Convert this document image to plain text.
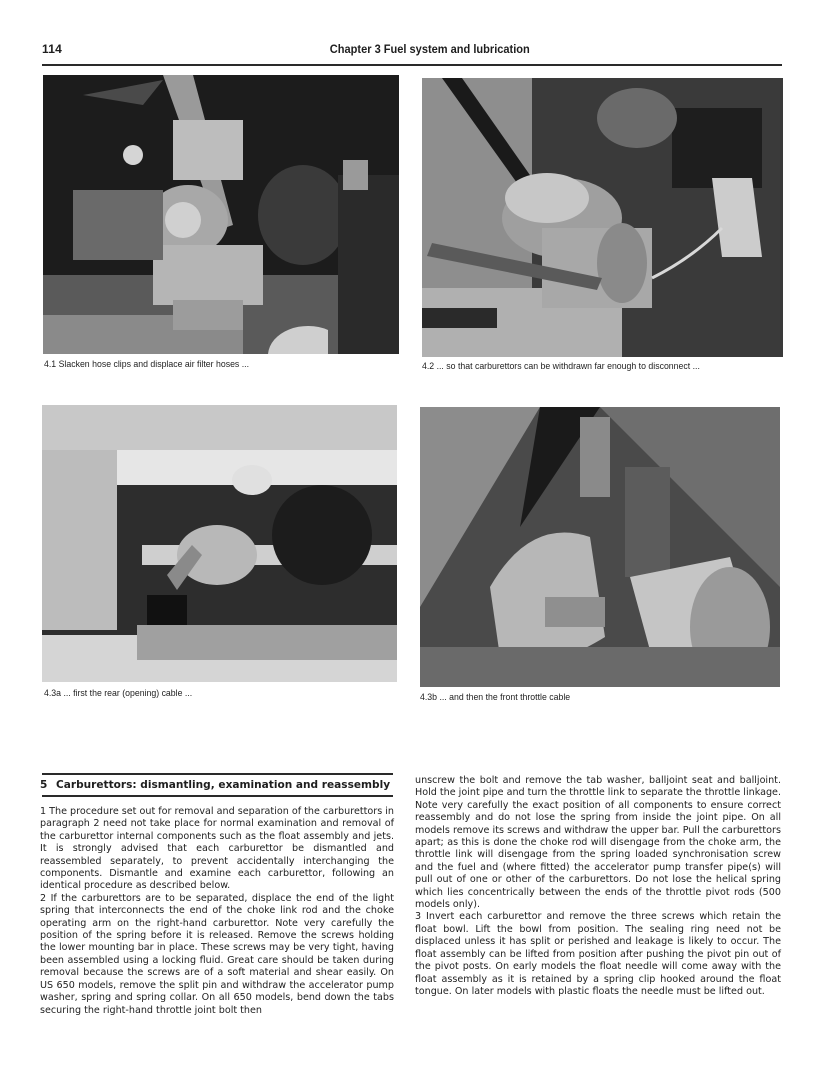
114	Chapter 3 Fuel system and lubrication
4.1 Slacken hose clips and displace air filter hoses ...	4.2 ... so that carburettors can be withdrawn far enough to disconnect ...
4.3a ... first the rear (opening) cable ...	4.3b ... and then the front throttle cable
5 Carburettors: dismantling, examination and reassembly

1 The procedure set out for removal and separation of the carburettors in paragraph 2 need not take place for normal examination and removal of the carburettor internal components such as the float assembly and jets. It is strongly advised that each carburettor be dismantled and reassembled separately, to prevent accidentally interchanging the components. Dismantle and examine each carburettor, following an identical procedure as described below.

2 If the carburettors are to be separated, displace the end of the light spring that interconnects the end of the choke link rod and the choke operating arm on the right-hand carburettor. Note very carefully the position of the spring before it is released. Remove the screws holding the lower mounting bar in place. These screws may be very tight, having been assembled using a locking fluid. Great care should be taken during removal because the screws are of a soft material and shear easily. On US 650 models, remove the split pin and withdraw the accelerator pump washer, spring and spring collar. On all 650 models, bend down the tabs securing the right-hand throttle joint bolt then

unscrew the bolt and remove the tab washer, balljoint seat and balljoint. Hold the joint pipe and turn the throttle link to separate the throttle linkage. Note very carefully the exact position of all components to ensure correct reassembly and do not lose the spring from inside the joint pipe. On all models remove its screws and withdraw the upper bar. Pull the carburettors apart; as this is done the choke rod will disengage from the choke arm, the throttle link will disengage from the spring loaded synchronisation screw and the fuel and (where fitted) the accelerator pump transfer pipe(s) will pull out of one or other of the carburettors. Do not lose the helical spring which lies concentrically between the ends of the throttle pivot rods (500 models only).

3 Invert each carburettor and remove the three screws which retain the float bowl. Lift the bowl from position. The sealing ring need not be displaced unless it has split or perished and leakage is likely to occur. The float assembly can be lifted from position after pushing the pivot pin out of the pivot posts. On early models the float needle will come away with the float assembly as it is retained by a spring clip hooked around the float tongue. On later models with plastic floats the needle must be lifted out.
